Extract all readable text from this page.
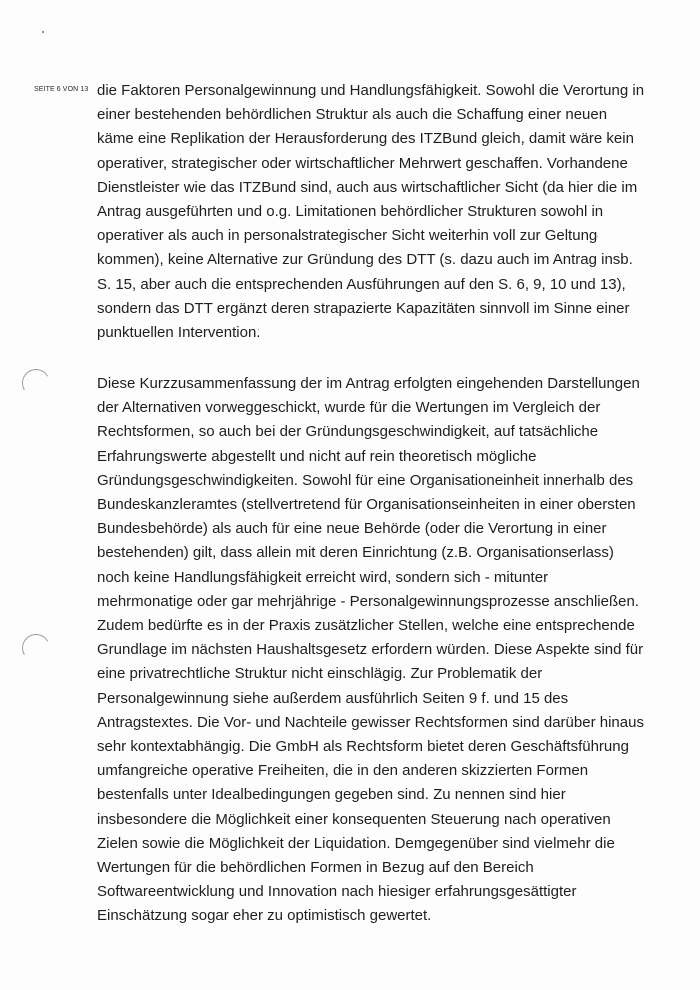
SEITE 6 VON 13 die Faktoren Personalgewinnung und Handlungsfähigkeit. Sowohl die Verortung in
einer bestehenden behördlichen Struktur als auch die Schaffung einer neuen
käme eine Replikation der Herausforderung des ITZBund gleich, damit wäre kein
operativer, strategischer oder wirtschaftlicher Mehrwert geschaffen. Vorhandene
Dienstleister wie das ITZBund sind, auch aus wirtschaftlicher Sicht (da hier die im
Antrag ausgeführten und o.g. Limitationen behördlicher Strukturen sowohl in
operativer als auch in personalstrategischer Sicht weiterhin voll zur Geltung
kommen), keine Alternative zur Gründung des DTT (s. dazu auch im Antrag insb.
S. 15, aber auch die entsprechenden Ausführungen auf den S. 6, 9, 10 und 13),
sondern das DTT ergänzt deren strapazierte Kapazitäten sinnvoll im Sinne einer
punktuellen Intervention.
Diese Kurzzusammenfassung der im Antrag erfolgten eingehenden Darstellungen
der Alternativen vorweggeschickt, wurde für die Wertungen im Vergleich der
Rechtsformen, so auch bei der Gründungsgeschwindigkeit, auf tatsächliche
Erfahrungswerte abgestellt und nicht auf rein theoretisch mögliche
Gründungsgeschwindigkeiten. Sowohl für eine Organisationeinheit innerhalb des
Bundeskanzleramtes (stellvertretend für Organisationseinheiten in einer obersten
Bundesbehörde) als auch für eine neue Behörde (oder die Verortung in einer
bestehenden) gilt, dass allein mit deren Einrichtung (z.B. Organisationserlass)
noch keine Handlungsfähigkeit erreicht wird, sondern sich - mitunter
mehrmonatige oder gar mehrjährige - Personalgewinnungsprozesse anschließen.
Zudem bedürfte es in der Praxis zusätzlicher Stellen, welche eine entsprechende
Grundlage im nächsten Haushaltsgesetz erfordern würden. Diese Aspekte sind für
eine privatrechtliche Struktur nicht einschlägig. Zur Problematik der
Personalgewinnung siehe außerdem ausführlich Seiten 9 f. und 15 des
Antragstextes. Die Vor- und Nachteile gewisser Rechtsformen sind darüber hinaus
sehr kontextabhängig. Die GmbH als Rechtsform bietet deren Geschäftsführung
umfangreiche operative Freiheiten, die in den anderen skizzierten Formen
bestenfalls unter Idealbedingungen gegeben sind. Zu nennen sind hier
insbesondere die Möglichkeit einer konsequenten Steuerung nach operativen
Zielen sowie die Möglichkeit der Liquidation. Demgegenüber sind vielmehr die
Wertungen für die behördlichen Formen in Bezug auf den Bereich
Softwareentwicklung und Innovation nach hiesiger erfahrungsgesättigter
Einschätzung sogar eher zu optimistisch gewertet.
